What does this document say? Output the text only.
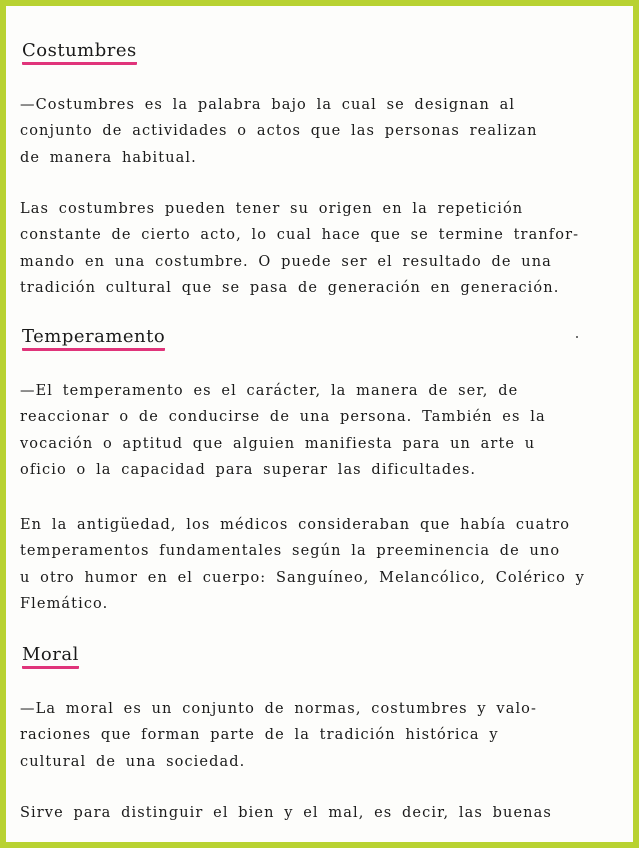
Costumbres

—Costumbres es la palabra bajo la cual se designan al

conjunto de actividades o actos que las personas realizan

de manera habitual.

Las costumbres pueden tener su origen en la repetición

constante de cierto acto, lo cual hace que se termine tranfor-

mando en una costumbre. O puede ser el resultado de una

tradición cultural que se pasa de generación en generación.

Temperamento

—El temperamento es el carácter, la manera de ser, de

reaccionar o de conducirse de una persona. También es la

vocación o aptitud que alguien manifiesta para un arte u

oficio o la capacidad para superar las dificultades.

En la antigüedad, los médicos consideraban que había cuatro

temperamentos fundamentales según la preeminencia de uno

u otro humor en el cuerpo: Sanguíneo, Melancólico, Colérico y

Flemático.

Moral

—La moral es un conjunto de normas, costumbres y valo-

raciones que forman parte de la tradición histórica y

cultural de una sociedad.

Sirve para distinguir el bien y el mal, es decir, las buenas
